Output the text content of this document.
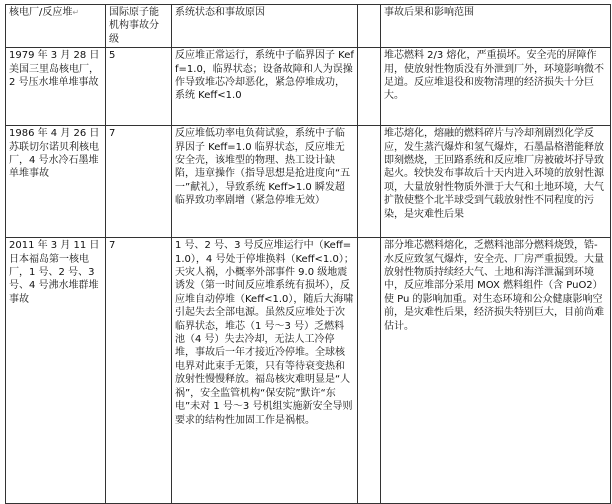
核电厂/反应堆↵	国际原子能机构事故分级	系统状态和事故原因		事故后果和影响范围
1979 年 3 月 28 日美国三里岛核电厂，2 号压水堆单堆事故	5	反应堆正常运行，系统中子临界因子 Keff=1.0，临界状态；设备故障和人为误操作导致堆芯冷却恶化，紧急停堆成功，系统 Keff<1.0		堆芯燃料 2/3 熔化，严重损坏。安全壳的屏障作用，使放射性物质没有外泄到厂外，环境影响微不足道。反应堆退役和废物清理的经济损失十分巨大。
1986 年 4 月 26 日苏联切尔诺贝利核电厂，4 号水冷石墨堆单堆事故	7	反应堆低功率电负荷试验，系统中子临界因子 Keff=1.0 临界状态，反应堆无安全壳，该堆型的物理、热工设计缺陷，违章操作（指导思想是抢进度向“五一”献礼），导致系统 Keff>1.0 瞬发超临界致功率剧增（紧急停堆无效）		堆芯熔化，熔融的燃料碎片与冷却剂剧烈化学反应，发生蒸汽爆炸和氢气爆炸，石墨晶格潜能释放即刻燃烧，王回路系统和反应堆厂房被破坏抒导致起火。较快发布事故后十天内进入环境的放射性源项，大量放射性物质外泄于大气和土地环境，大气扩散使整个北半球受到气载放射性不同程度的污染，是灾难性后果
2011 年 3 月 11 日日本福岛第一核电厂，1 号、2 号、3 号、4 号沸水堆群堆事故	7	1 号、2 号、3 号反应堆运行中（Keff=1.0），4 号处于停堆换料（Keff<1.0）；天灾人祸，小概率外部事件 9.0 级地震诱发（第一时间反应堆系统有损坏），反应堆自动停堆（Keff<1.0），随后大海啸引起失去全部电源。虽然反应堆处于次临界状态，堆芯（1 号～3 号）乏燃料池（4 号）失去冷却，无法人工冷停堆，事故后一年才接近冷停堆。全球核电界对此束手无策，只有等待衰变热和放射性慢慢释放。福岛核灾难明显是“人祸”，安全监管机构“保安院”默许“东电”未对 1 号～3 号机组实施新安全导则要求的结构性加固工作是祸根。		部分堆芯燃料熔化，乏燃料池部分燃料烧毁，锆-水反应致氢气爆炸，安全壳、厂房严重损毁。大量放射性物质持续经大气、土地和海洋泄漏到环境中，反应堆部分采用 MOX 燃料组件（含 PuO2）使 Pu 的影响加重。对生态环境和公众健康影响空前，是灾难性后果，经济损失特别巨大，目前尚难估计。
